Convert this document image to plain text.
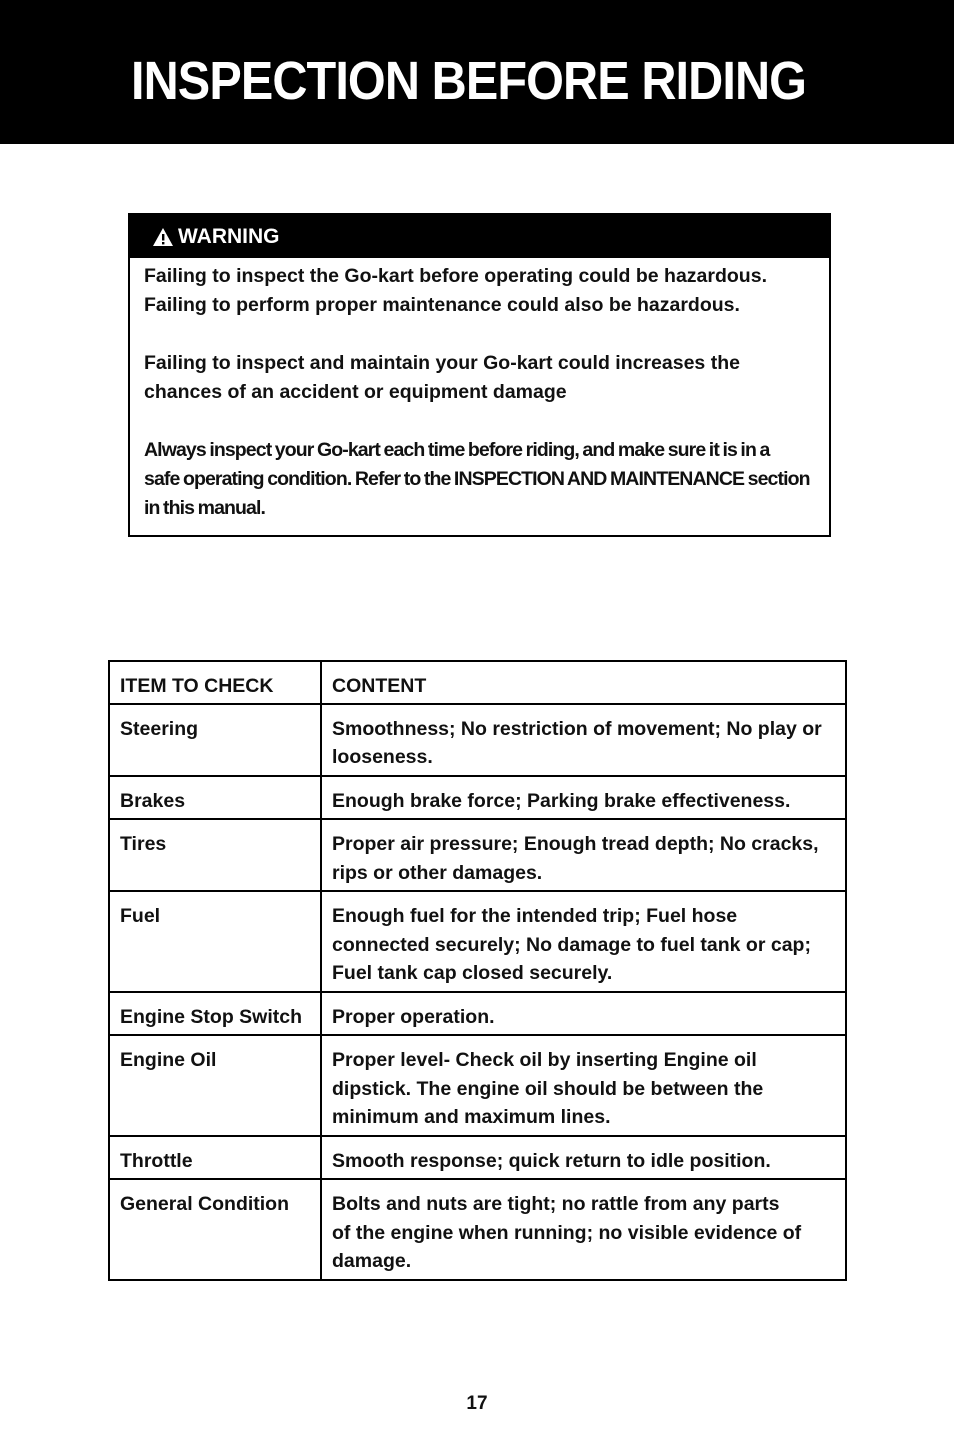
INSPECTION BEFORE RIDING
WARNING

Failing to inspect the Go-kart before operating could be hazardous.
Failing to perform proper maintenance could also be hazardous.

Failing to inspect and maintain your Go-kart could increases the
chances of an accident or equipment damage

Always inspect your Go-kart each time before riding, and make sure it is in a
safe operating condition. Refer to the INSPECTION AND MAINTENANCE section
in this manual.

ITEM TO CHECK	CONTENT
Steering	Smoothness; No restriction of movement; No play or
looseness.
Brakes	Enough brake force; Parking brake effectiveness.
Tires	Proper air pressure; Enough tread depth; No cracks,
rips or other damages.
Fuel	Enough fuel for the intended trip; Fuel hose
connected securely; No damage to fuel tank or cap;
Fuel tank cap closed securely.
Engine Stop Switch	Proper operation.
Engine Oil	Proper level- Check oil by inserting Engine oil
dipstick. The engine oil should be between the
minimum and maximum lines.
Throttle	Smooth response; quick return to idle position.
General Condition	Bolts and nuts are tight; no rattle from any parts
of the engine when running; no visible evidence of
damage.
17
